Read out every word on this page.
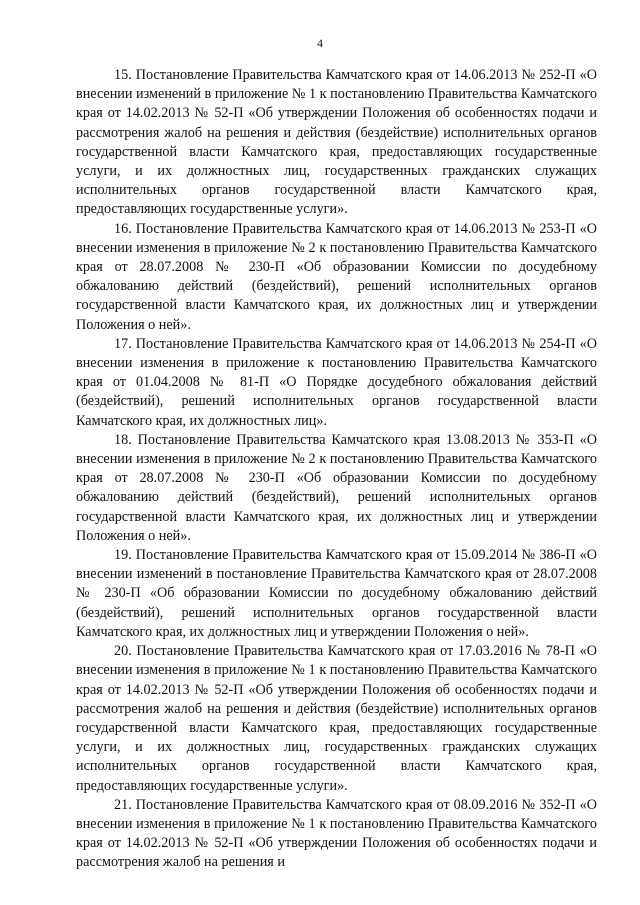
4

15. Постановление Правительства Камчатского края от 14.06.2013 № 252-П «О внесении изменений в приложение № 1 к постановлению Правительства Камчатского края от 14.02.2013 № 52-П «Об утверждении Положения об особенностях подачи и рассмотрения жалоб на решения и действия (бездействие) исполнительных органов государственной власти Камчатского края, предоставляющих государственные услуги, и их должностных лиц, государственных гражданских служащих исполнительных органов государственной власти Камчатского края, предоставляющих государственные услуги».

16. Постановление Правительства Камчатского края от 14.06.2013 № 253-П «О внесении изменения в приложение № 2 к постановлению Правительства Камчатского края от 28.07.2008 № 230-П «Об образовании Комиссии по досудебному обжалованию действий (бездействий), решений исполнительных органов государственной власти Камчатского края, их должностных лиц и утверждении Положения о ней».

17. Постановление Правительства Камчатского края от 14.06.2013 № 254-П «О внесении изменения в приложение к постановлению Правительства Камчатского края от 01.04.2008 № 81-П «О Порядке досудебного обжалования действий (бездействий), решений исполнительных органов государственной власти Камчатского края, их должностных лиц».

18. Постановление Правительства Камчатского края 13.08.2013 № 353-П «О внесении изменения в приложение № 2 к постановлению Правительства Камчатского края от 28.07.2008 № 230-П «Об образовании Комиссии по досудебному обжалованию действий (бездействий), решений исполнительных органов государственной власти Камчатского края, их должностных лиц и утверждении Положения о ней».

19. Постановление Правительства Камчатского края от 15.09.2014 № 386-П «О внесении изменений в постановление Правительства Камчатского края от 28.07.2008 № 230-П «Об образовании Комиссии по досудебному обжалованию действий (бездействий), решений исполнительных органов государственной власти Камчатского края, их должностных лиц и утверждении Положения о ней».

20. Постановление Правительства Камчатского края от 17.03.2016 № 78-П «О внесении изменения в приложение № 1 к постановлению Правительства Камчатского края от 14.02.2013 № 52-П «Об утверждении Положения об особенностях подачи и рассмотрения жалоб на решения и действия (бездействие) исполнительных органов государственной власти Камчатского края, предоставляющих государственные услуги, и их должностных лиц, государственных гражданских служащих исполнительных органов государственной власти Камчатского края, предоставляющих государственные услуги».

21. Постановление Правительства Камчатского края от 08.09.2016 № 352-П «О внесении изменения в приложение № 1 к постановлению Правительства Камчатского края от 14.02.2013 № 52-П «Об утверждении Положения об особенностях подачи и рассмотрения жалоб на решения и
